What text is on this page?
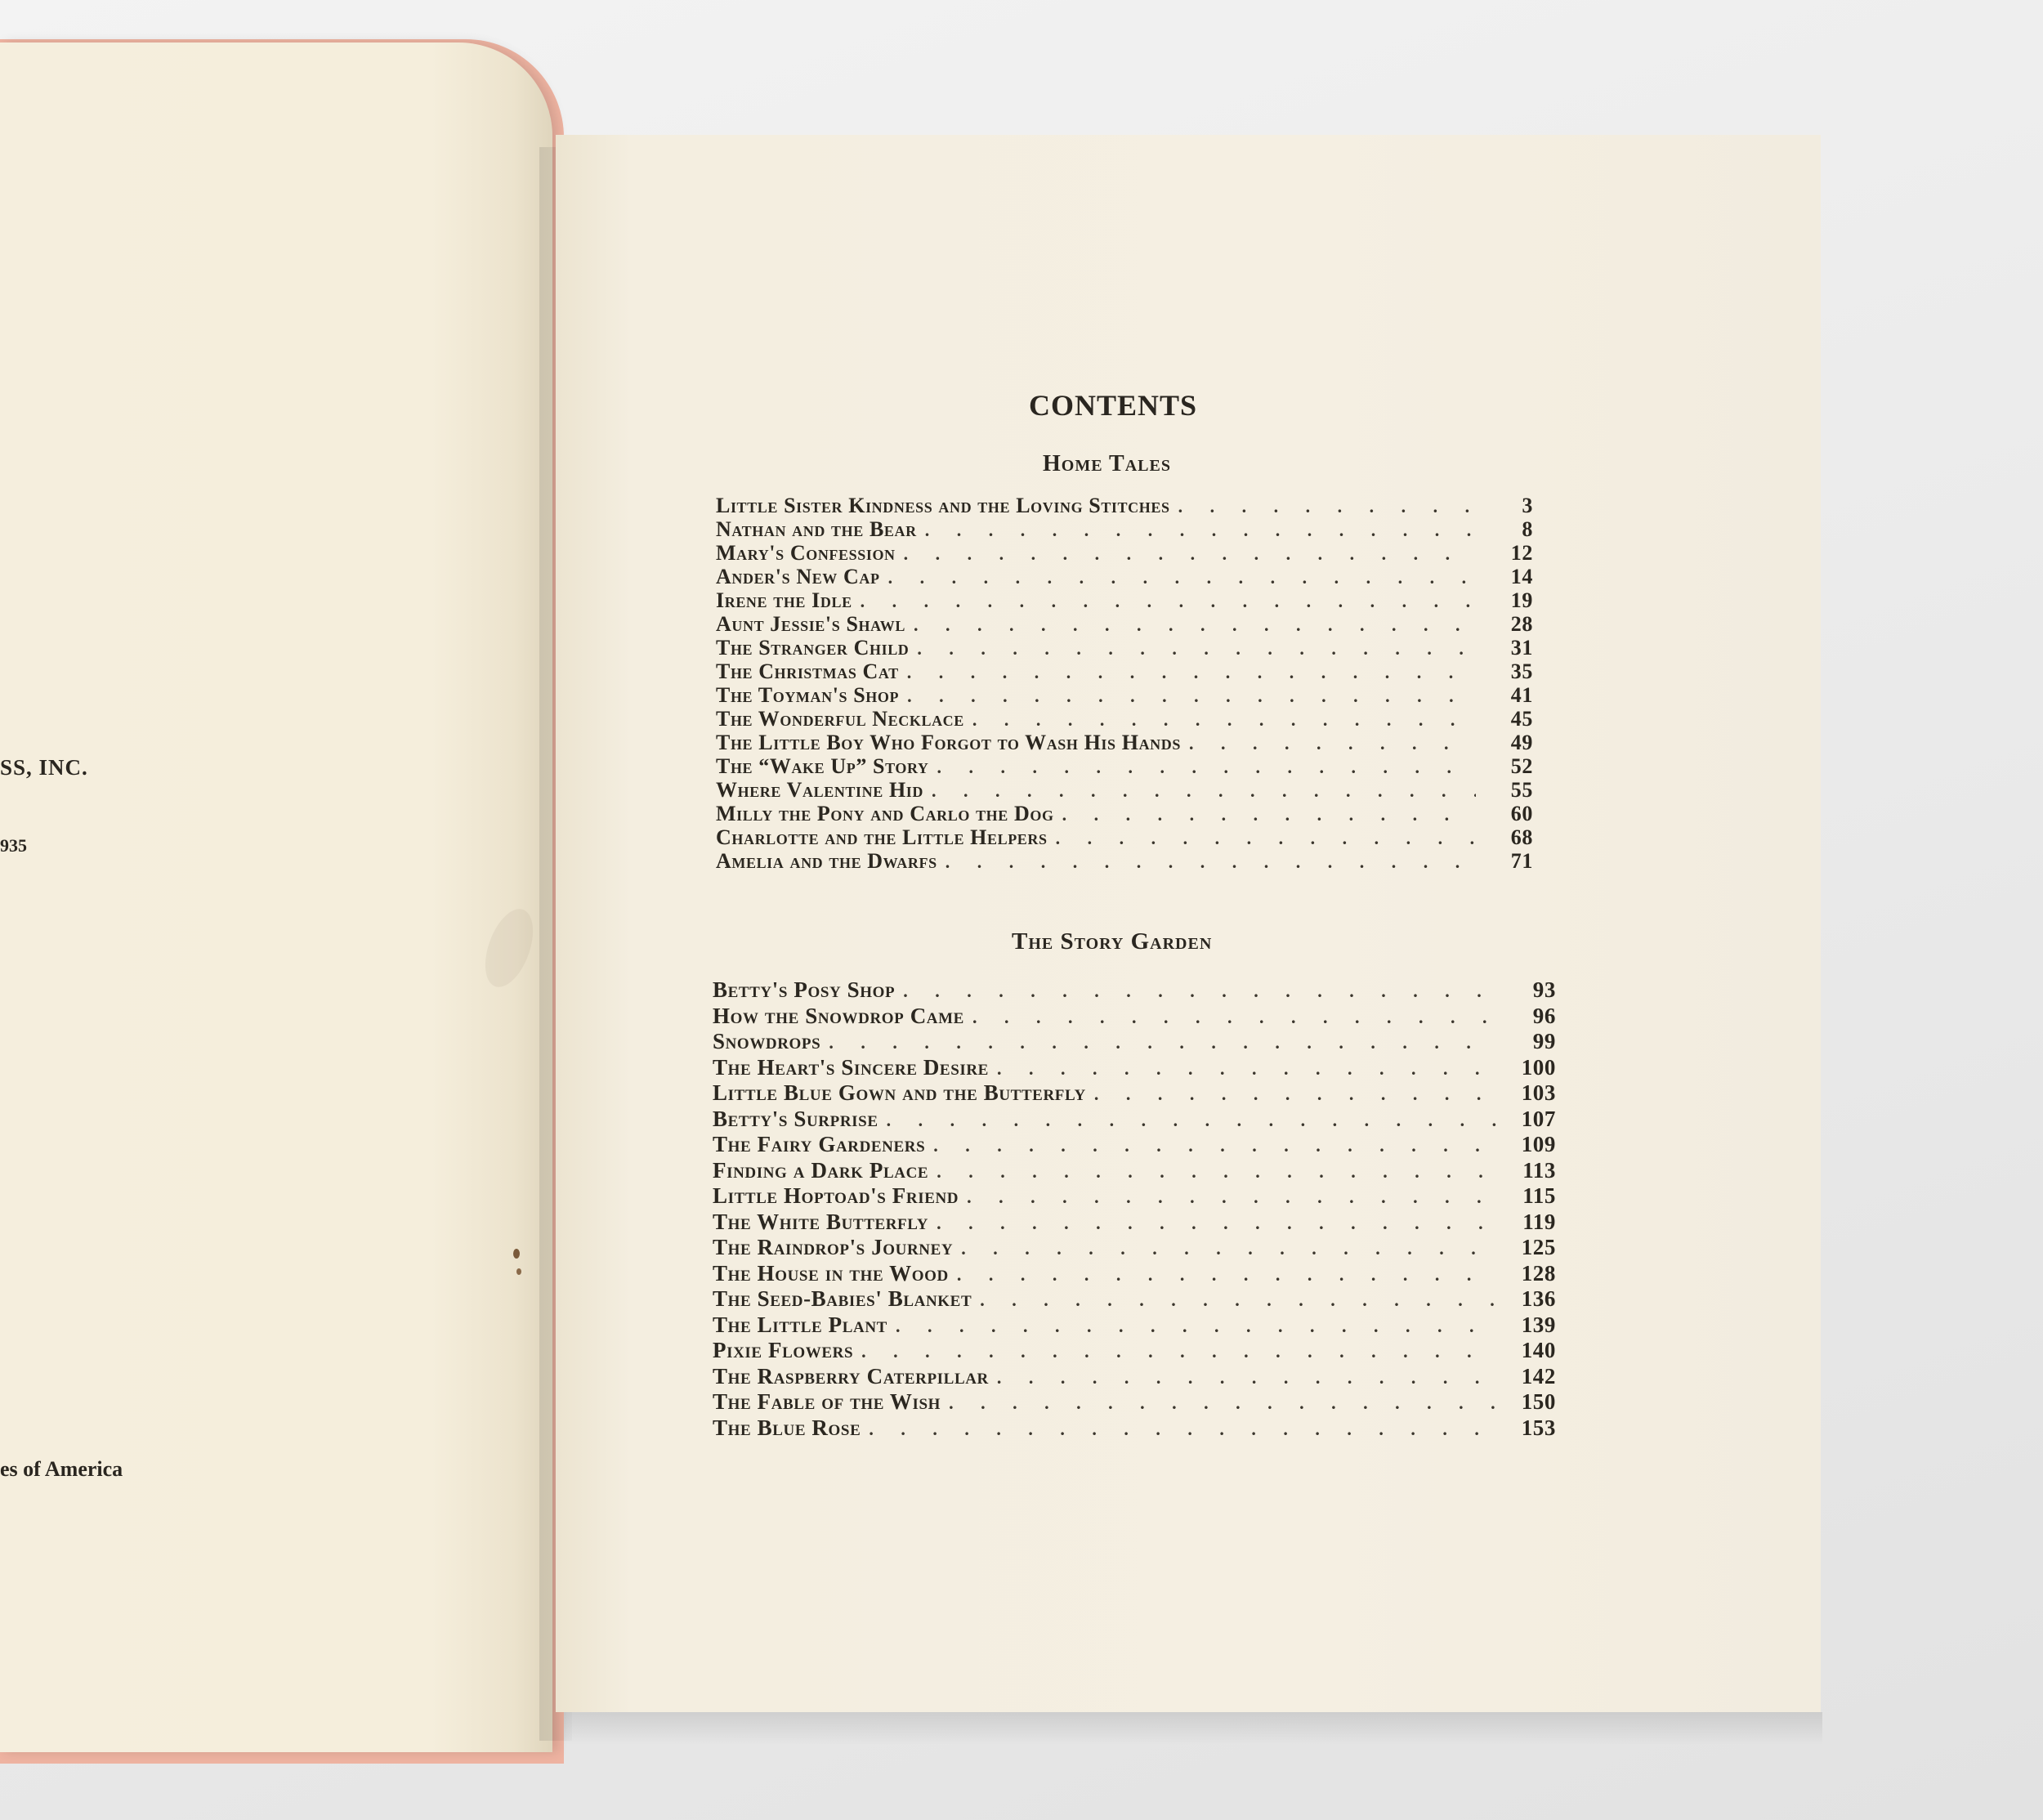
SS, INC.
935
es of America
CONTENTS
Home Tales
Little Sister Kindness and the Loving Stitches . . .	3
Nathan and the Bear . . .	8
Mary's Confession . . .	12
Ander's New Cap . . .	14
Irene the Idle . . .	19
Aunt Jessie's Shawl . . .	28
The Stranger Child . . .	31
The Christmas Cat . . .	35
The Toyman's Shop . . .	41
The Wonderful Necklace . . .	45
The Little Boy Who Forgot to Wash His Hands . . .	49
The “Wake Up” Story . . .	52
Where Valentine Hid . . .	55
Milly the Pony and Carlo the Dog . . .	60
Charlotte and the Little Helpers . . .	68
Amelia and the Dwarfs . . .	71
The Story Garden
Betty's Posy Shop . . .	93
How the Snowdrop Came . . .	96
Snowdrops . . .	99
The Heart's Sincere Desire . . .	100
Little Blue Gown and the Butterfly . . .	103
Betty's Surprise . . .	107
The Fairy Gardeners . . .	109
Finding a Dark Place . . .	113
Little Hoptoad's Friend . . .	115
The White Butterfly . . .	119
The Raindrop's Journey . . .	125
The House in the Wood . . .	128
The Seed-Babies' Blanket . . .	136
The Little Plant . . .	139
Pixie Flowers . . .	140
The Raspberry Caterpillar . . .	142
The Fable of the Wish . . .	150
The Blue Rose . . .	153
